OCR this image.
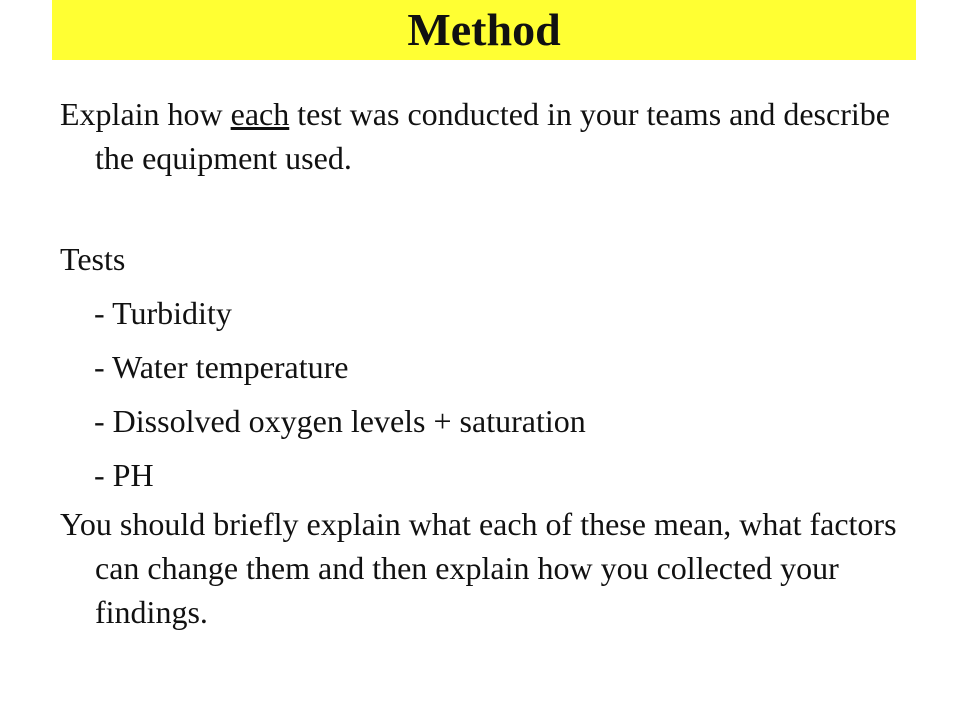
Method

Explain how each test was conducted in your teams and describe the equipment used.

Tests

- Turbidity

- Water temperature

- Dissolved oxygen levels + saturation

- PH

You should briefly explain what each of these mean, what factors can change them and then explain how you collected your findings.
